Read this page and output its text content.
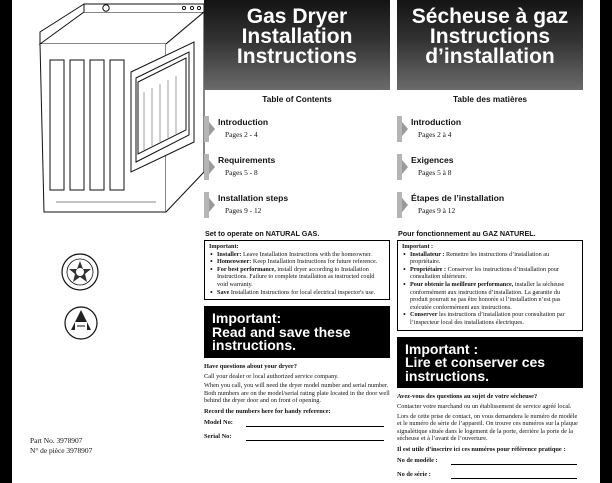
Part No. 3978907
N° de pièce 3978907
Gas Dryer
Installation
Instructions
Table of Contents
Introduction
Pages 2 - 4
Requirements
Pages 5 - 8
Installation steps
Pages 9 - 12
Set to operate on NATURAL GAS.
Important:
• Installer: Leave Installation Instructions with the homeowner.
• Homeowner: Keep Installation Instructions for future reference.
• For best performance, install dryer according to Installation Instructions. Failure to complete installation as instructed could void warranty.
• Save Installation Instructions for local electrical inspector's use.
Important:
Read and save these
instructions.
Have questions about your dryer?
Call your dealer or local authorized service company.
When you call, you will need the dryer model number and serial number. Both numbers are on the model/serial rating plate located in the door well behind the dryer door and on front of opening.
Record the numbers here for handy reference:
Model No:
Serial No:
Sécheuse à gaz
Instructions
d’installation
Table des matières
Introduction
Pages 2 à 4
Exigences
Pages 5 à 8
Étapes de l’installation
Pages 9 à 12
Pour fonctionnement au GAZ NATUREL.
Important :
• Installateur : Remettre les instructions d’installation au propriétaire.
• Propriétaire : Conserver les instructions d’installation pour consultation ultérieure.
• Pour obtenir la meilleure performance, installer la sécheuse conformément aux instructions d’installation. La garantie du produit pourrait ne pas être honorée si l’installation n’est pas exécutée conformément aux instructions.
• Conserver les instructions d’installation pour consultation par l’inspecteur local des installations électriques.
Important :
Lire et conserver ces
instructions.
Avez-vous des questions au sujet de votre sécheuse?
Contacter votre marchand ou un établissement de service agréé local.
Lors de cette prise de contact, on vous demandera le numéro de modèle et le numéro de série de l’appareil. On trouve ces numéros sur la plaque signalétique située dans le logement de la porte, derrière la porte de la sécheuse et à l’avant de l’ouverture.
Il est utile d’inscrire ici ces numéros pour référence pratique :
No de modèle :
No de série :
